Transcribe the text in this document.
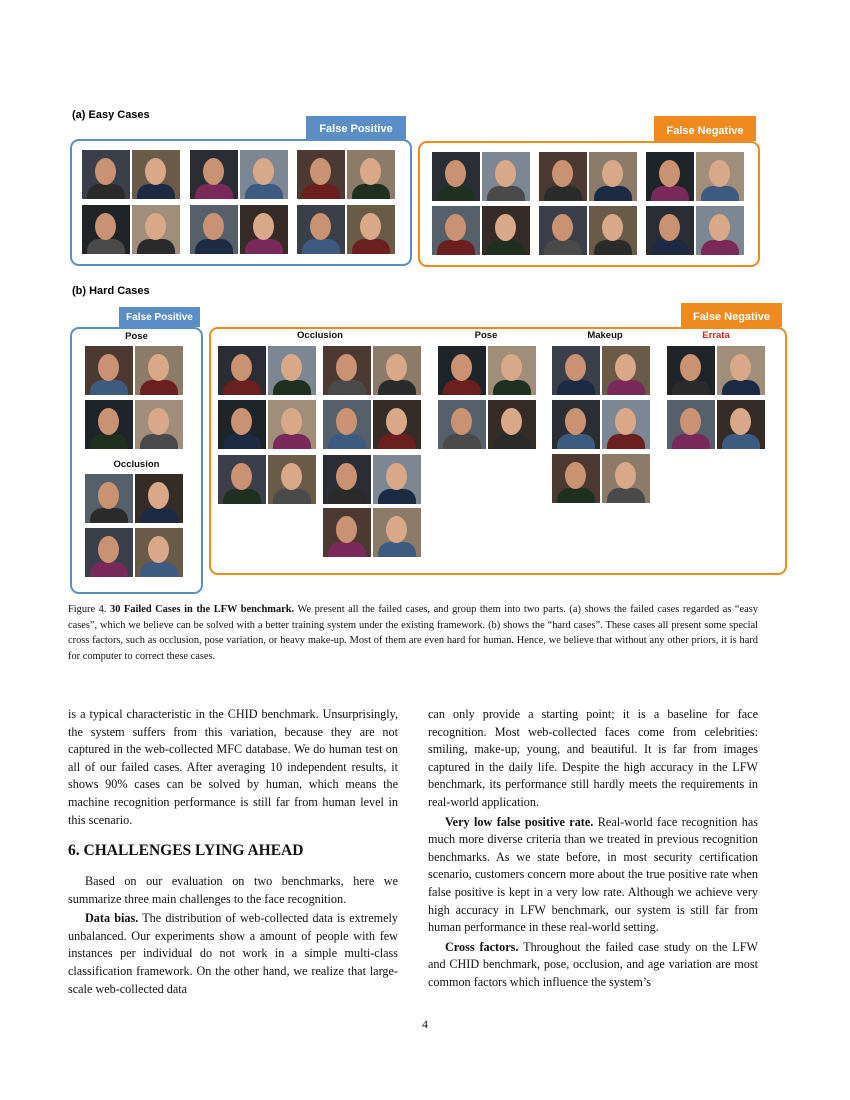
(a) Easy Cases
False Positive	False Negative
(b) Hard Cases
False Positive
Pose
Occlusion
False Negative
Occlusion	Pose	Makeup	Errata
Figure 4. 30 Failed Cases in the LFW benchmark. We present all the failed cases, and group them into two parts. (a) shows the failed cases regarded as “easy cases”, which we believe can be solved with a better training system under the existing framework. (b) shows the “hard cases”. These cases all present some special cross factors, such as occlusion, pose variation, or heavy make-up. Most of them are even hard for human. Hence, we believe that without any other priors, it is hard for computer to correct these cases.

is a typical characteristic in the CHID benchmark. Unsurprisingly, the system suffers from this variation, because they are not captured in the web-collected MFC database. We do human test on all of our failed cases. After averaging 10 independent results, it shows 90% cases can be solved by human, which means the machine recognition performance is still far from human level in this scenario.

6. CHALLENGES LYING AHEAD

Based on our evaluation on two benchmarks, here we summarize three main challenges to the face recognition.

Data bias. The distribution of web-collected data is extremely unbalanced. Our experiments show a amount of people with few instances per individual do not work in a simple multi-class classification framework. On the other hand, we realize that large-scale web-collected data

can only provide a starting point; it is a baseline for face recognition. Most web-collected faces come from celebrities: smiling, make-up, young, and beautiful. It is far from images captured in the daily life. Despite the high accuracy in the LFW benchmark, its performance still hardly meets the requirements in real-world application.

Very low false positive rate. Real-world face recognition has much more diverse criteria than we treated in previous recognition benchmarks. As we state before, in most security certification scenario, customers concern more about the true positive rate when false positive is kept in a very low rate. Although we achieve very high accuracy in LFW benchmark, our system is still far from human performance in these real-world setting.

Cross factors. Throughout the failed case study on the LFW and CHID benchmark, pose, occlusion, and age variation are most common factors which influence the system’s

4
